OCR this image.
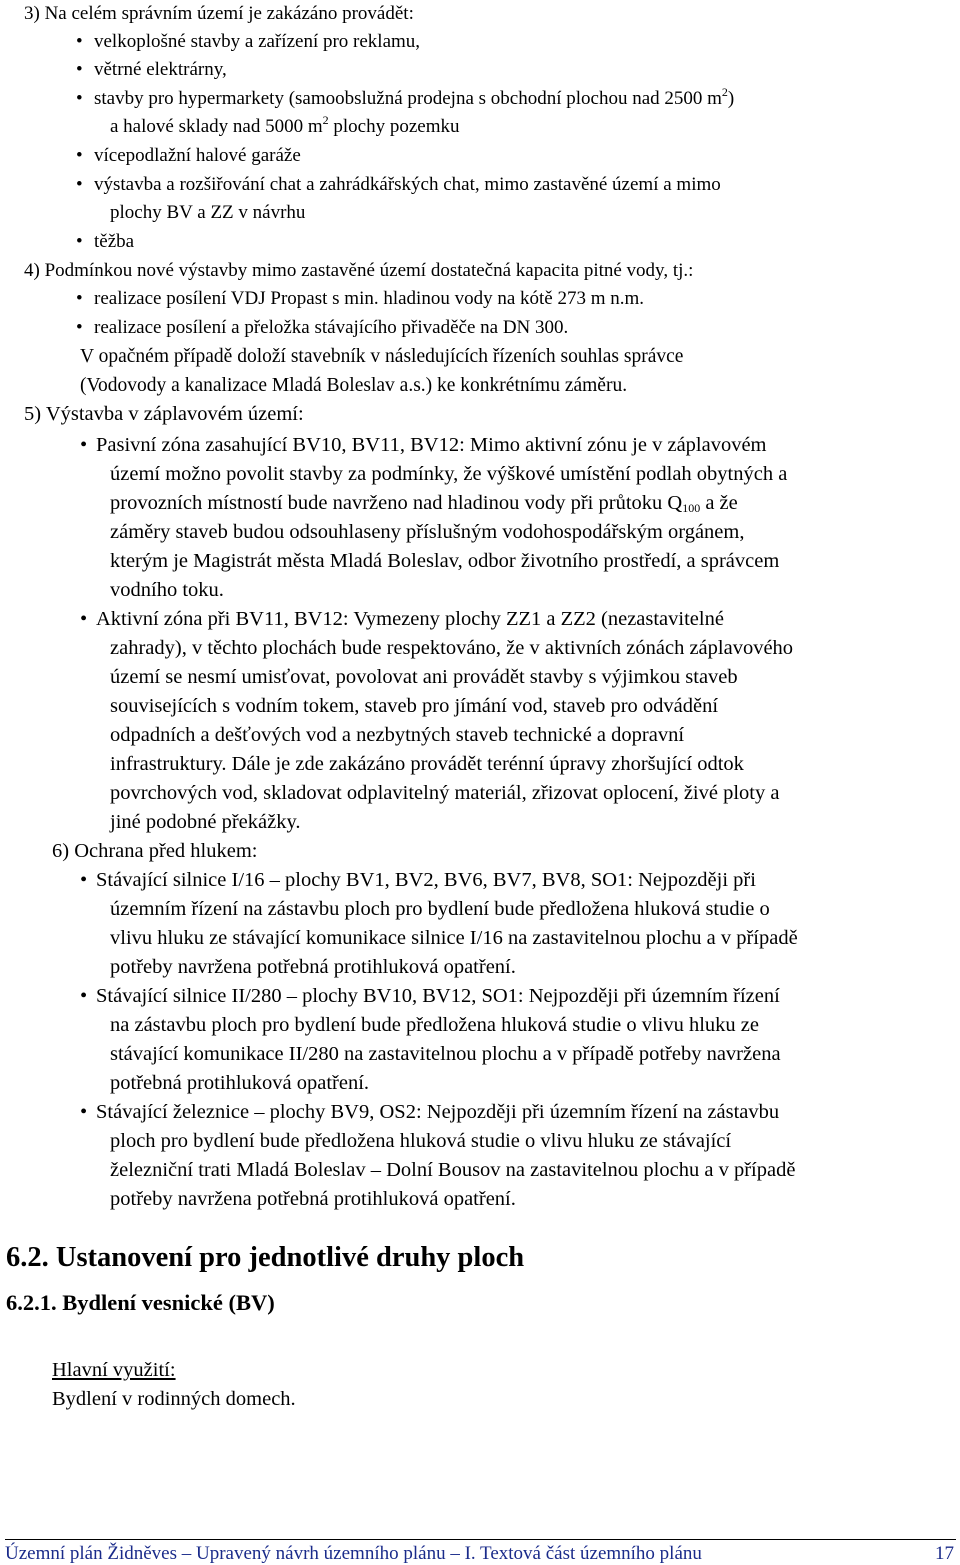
3) Na celém správním území je zakázáno provádět:
• velkoplošné stavby a zařízení pro reklamu,
• větrné elektrárny,
• stavby pro hypermarkety (samoobslužná prodejna s obchodní plochou nad 2500 $m^2$)
a halové sklady nad 5000 $m^2$ plochy pozemku
• vícepodlažní halové garáže
• výstavba a rozšiřování chat a zahrádkářských chat, mimo zastavěné území a mimo
plochy BV a ZZ v návrhu
• těžba
4) Podmínkou nové výstavby mimo zastavěné území dostatečná kapacita pitné vody, tj.:
• realizace posílení VDJ Propast s min. hladinou vody na kótě 273 m n.m.
• realizace posílení a přeložka stávajícího přivaděče na DN 300.
V opačném případě doloží stavebník v následujících řízeních souhlas správce
(Vodovody a kanalizace Mladá Boleslav a.s.) ke konkrétnímu záměru.
5) Výstavba v záplavovém území:
• Pasivní zóna zasahující BV10, BV11, BV12: Mimo aktivní zónu je v záplavovém
území možno povolit stavby za podmínky, že výškové umístění podlah obytných a
provozních místností bude navrženo nad hladinou vody při průtoku $Q_{100}$ a že
záměry staveb budou odsouhlaseny příslušným vodohospodářským orgánem,
kterým je Magistrát města Mladá Boleslav, odbor životního prostředí, a správcem
vodního toku.
• Aktivní zóna při BV11, BV12: Vymezeny plochy ZZ1 a ZZ2 (nezastavitelné
zahrady), v těchto plochách bude respektováno, že v aktivních zónách záplavového
území se nesmí umisťovat, povolovat ani provádět stavby s výjimkou staveb
souvisejících s vodním tokem, staveb pro jímání vod, staveb pro odvádění
odpadních a dešťových vod a nezbytných staveb technické a dopravní
infrastruktury. Dále je zde zakázáno provádět terénní úpravy zhoršující odtok
povrchových vod, skladovat odplavitelný materiál, zřizovat oplocení, živé ploty a
jiné podobné překážky.
6) Ochrana před hlukem:
• Stávající silnice I/16 – plochy BV1, BV2, BV6, BV7, BV8, SO1: Nejpozději při
územním řízení na zástavbu ploch pro bydlení bude předložena hluková studie o
vlivu hluku ze stávající komunikace silnice I/16 na zastavitelnou plochu a v případě
potřeby navržena potřebná protihluková opatření.
• Stávající silnice II/280 – plochy BV10, BV12, SO1: Nejpozději při územním řízení
na zástavbu ploch pro bydlení bude předložena hluková studie o vlivu hluku ze
stávající komunikace II/280 na zastavitelnou plochu a v případě potřeby navržena
potřebná protihluková opatření.
• Stávající železnice – plochy BV9, OS2: Nejpozději při územním řízení na zástavbu
ploch pro bydlení bude předložena hluková studie o vlivu hluku ze stávající
železniční trati Mladá Boleslav – Dolní Bousov na zastavitelnou plochu a v případě
potřeby navržena potřebná protihluková opatření.
6.2. Ustanovení pro jednotlivé druhy ploch
6.2.1. Bydlení vesnické (BV)
Hlavní využití:
Bydlení v rodinných domech.
Územní plán Židněves – Upravený návrh územního plánu – I. Textová část územního plánu	17
